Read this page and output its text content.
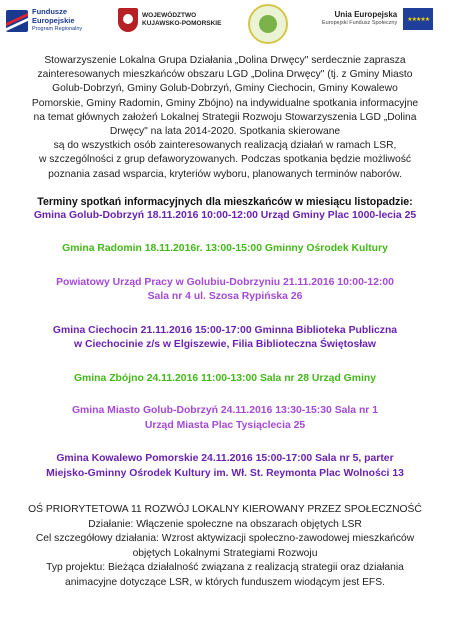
Fundusze
Europejskie
Program Regionalny
WOJEWÓDZTWO
KUJAWSKO-POMORSKIE
Unia Europejska
Europejski Fundusz Społeczny
★★★★★
Stowarzyszenie Lokalna Grupa Działania „Dolina Drwęcy" serdecznie zaprasza
zainteresowanych mieszkańców obszaru LGD „Dolina Drwęcy" (tj. z Gminy Miasto
Golub-Dobrzyń, Gminy Golub-Dobrzyń, Gminy Ciechocin, Gminy Kowalewo
Pomorskie, Gminy Radomin, Gminy Zbójno) na indywidualne spotkania informacyjne
na temat głównych założeń Lokalnej Strategii Rozwoju Stowarzyszenia LGD „Dolina
Drwęcy" na lata 2014-2020. Spotkania skierowane
są do wszystkich osób zainteresowanych realizacją działań w ramach LSR,
w szczególności z grup defaworyzowanych. Podczas spotkania będzie możliwość
poznania zasad wsparcia, kryteriów wyboru, planowanych terminów naborów.
Terminy spotkań informacyjnych dla mieszkańców w miesiącu listopadzie:
Gmina Golub-Dobrzyń 18.11.2016 10:00-12:00 Urząd Gminy Plac 1000-lecia 25
Gmina Radomin 18.11.2016r. 13:00-15:00 Gminny Ośrodek Kultury
Powiatowy Urząd Pracy w Golubiu-Dobrzyniu 21.11.2016 10:00-12:00
Sala nr 4 ul. Szosa Rypińska 26
Gmina Ciechocin 21.11.2016 15:00-17:00 Gminna Biblioteka Publiczna
w Ciechocinie z/s w Elgiszewie, Filia Biblioteczna Świętosław
Gmina Zbójno 24.11.2016 11:00-13:00 Sala nr 28 Urząd Gminy
Gmina Miasto Golub-Dobrzyń 24.11.2016 13:30-15:30 Sala nr 1
Urząd Miasta Plac Tysiąclecia 25
Gmina Kowalewo Pomorskie 24.11.2016 15:00-17:00 Sala nr 5, parter
Miejsko-Gminny Ośrodek Kultury im. Wł. St. Reymonta Plac Wolności 13
OŚ PRIORYTETOWA 11 ROZWÓJ LOKALNY KIEROWANY PRZEZ SPOŁECZNOŚĆ
Działanie: Włączenie społeczne na obszarach objętych LSR
Cel szczegółowy działania: Wzrost aktywizacji społeczno-zawodowej mieszkańców
objętych Lokalnymi Strategiami Rozwoju
Typ projektu: Bieżąca działalność związana z realizacją strategii oraz działania
animacyjne dotyczące LSR, w których funduszem wiodącym jest EFS.
